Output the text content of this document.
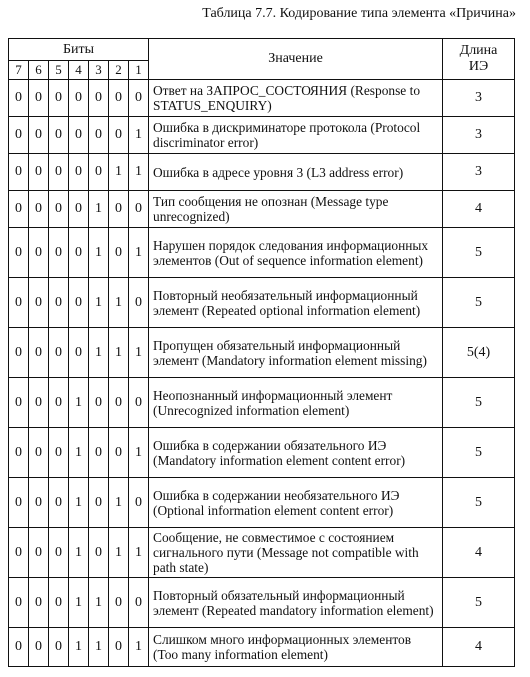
Таблица 7.7. Кодирование типа элемента «Причина»
Биты							Значение	Длина ИЭ
7	6	5	4	3	2	1		
0	0	0	0	0	0	0	Ответ на ЗАПРОС_СОСТОЯНИЯ (Response to STATUS_ENQUIRY)	3
0	0	0	0	0	0	1	Ошибка в дискриминаторе протокола (Protocol discriminator error)	3
0	0	0	0	0	1	1	Ошибка в адресе уровня 3 (L3 address error)	3
0	0	0	0	1	0	0	Тип сообщения не опознан (Message type unrecognized)	4
0	0	0	0	1	0	1	Нарушен порядок следования информационных элементов (Out of sequence information element)	5
0	0	0	0	1	1	0	Повторный необязательный информационный элемент (Repeated optional information element)	5
0	0	0	0	1	1	1	Пропущен обязательный информационный элемент (Mandatory information element missing)	5(4)
0	0	0	1	0	0	0	Неопознанный информационный элемент (Unrecognized information element)	5
0	0	0	1	0	0	1	Ошибка в содержании обязательного ИЭ (Mandatory information element content error)	5
0	0	0	1	0	1	0	Ошибка в содержании необязательного ИЭ (Optional information element content error)	5
0	0	0	1	0	1	1	Сообщение, не совместимое с состоянием сигнального пути (Message not compatible with path state)	4
0	0	0	1	1	0	0	Повторный обязательный информационный элемент (Repeated mandatory information element)	5
0	0	0	1	1	0	1	Слишком много информационных элементов (Too many information element)	4
